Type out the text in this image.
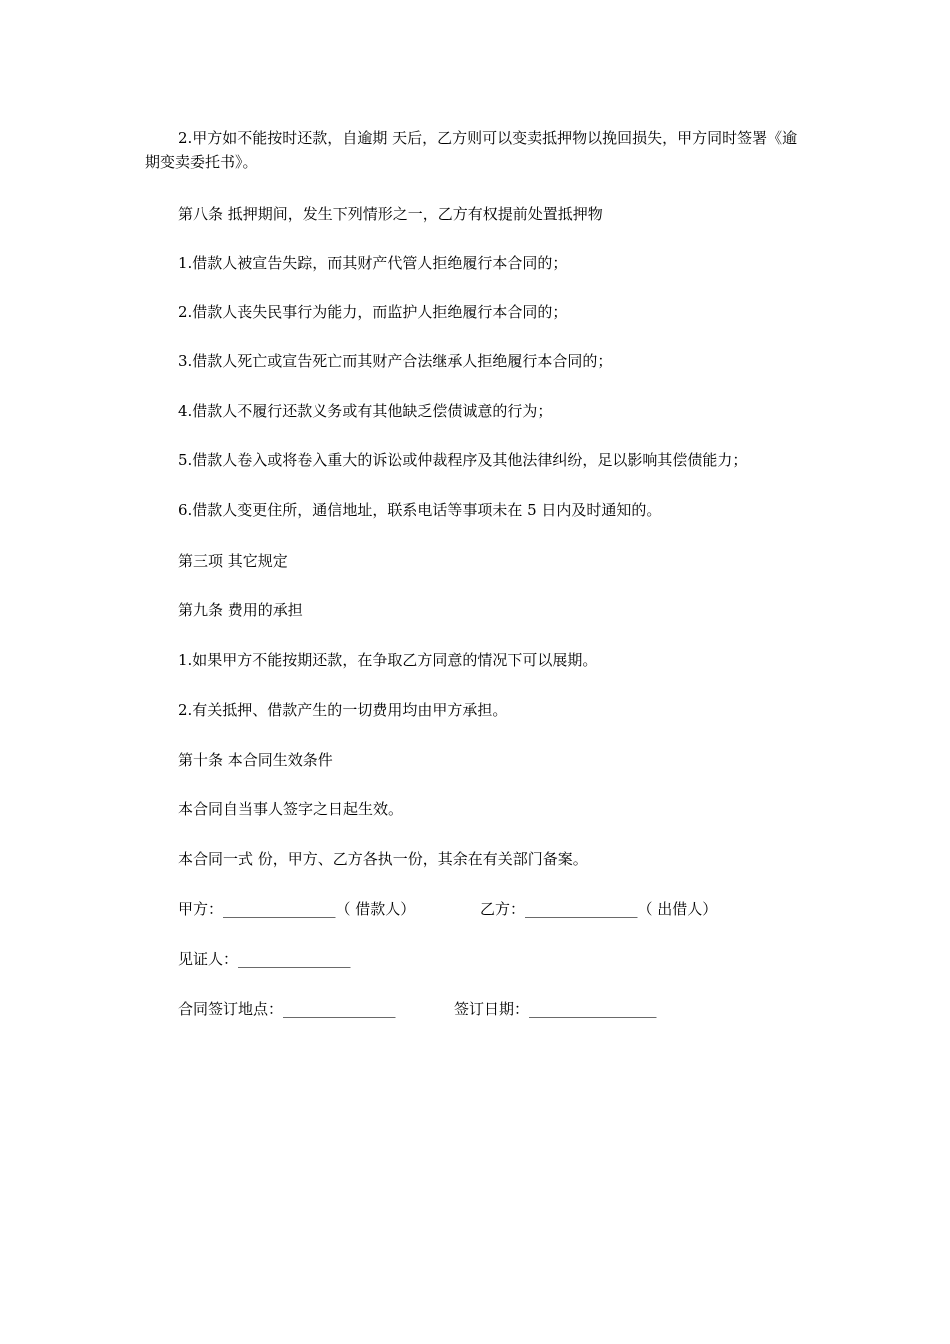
2.甲方如不能按时还款，自逾期 天后，乙方则可以变卖抵押物以挽回损失，甲方同时签署《逾期变卖委托书》。
第八条 抵押期间，发生下列情形之一，乙方有权提前处置抵押物
1.借款人被宣告失踪，而其财产代管人拒绝履行本合同的；
2.借款人丧失民事行为能力，而监护人拒绝履行本合同的；
3.借款人死亡或宣告死亡而其财产合法继承人拒绝履行本合同的；
4.借款人不履行还款义务或有其他缺乏偿债诚意的行为；
5.借款人卷入或将卷入重大的诉讼或仲裁程序及其他法律纠纷，足以影响其偿债能力；
6.借款人变更住所，通信地址，联系电话等事项未在 5 日内及时通知的。
第三项 其它规定
第九条 费用的承担
1.如果甲方不能按期还款，在争取乙方同意的情况下可以展期。
2.有关抵押、借款产生的一切费用均由甲方承担。
第十条 本合同生效条件
本合同自当事人签字之日起生效。
本合同一式 份，甲方、乙方各执一份，其余在有关部门备案。
甲方：_______________（ 借款人）	乙方：_______________（ 出借人）
见证人：_______________
合同签订地点：_______________	签订日期：_________________
